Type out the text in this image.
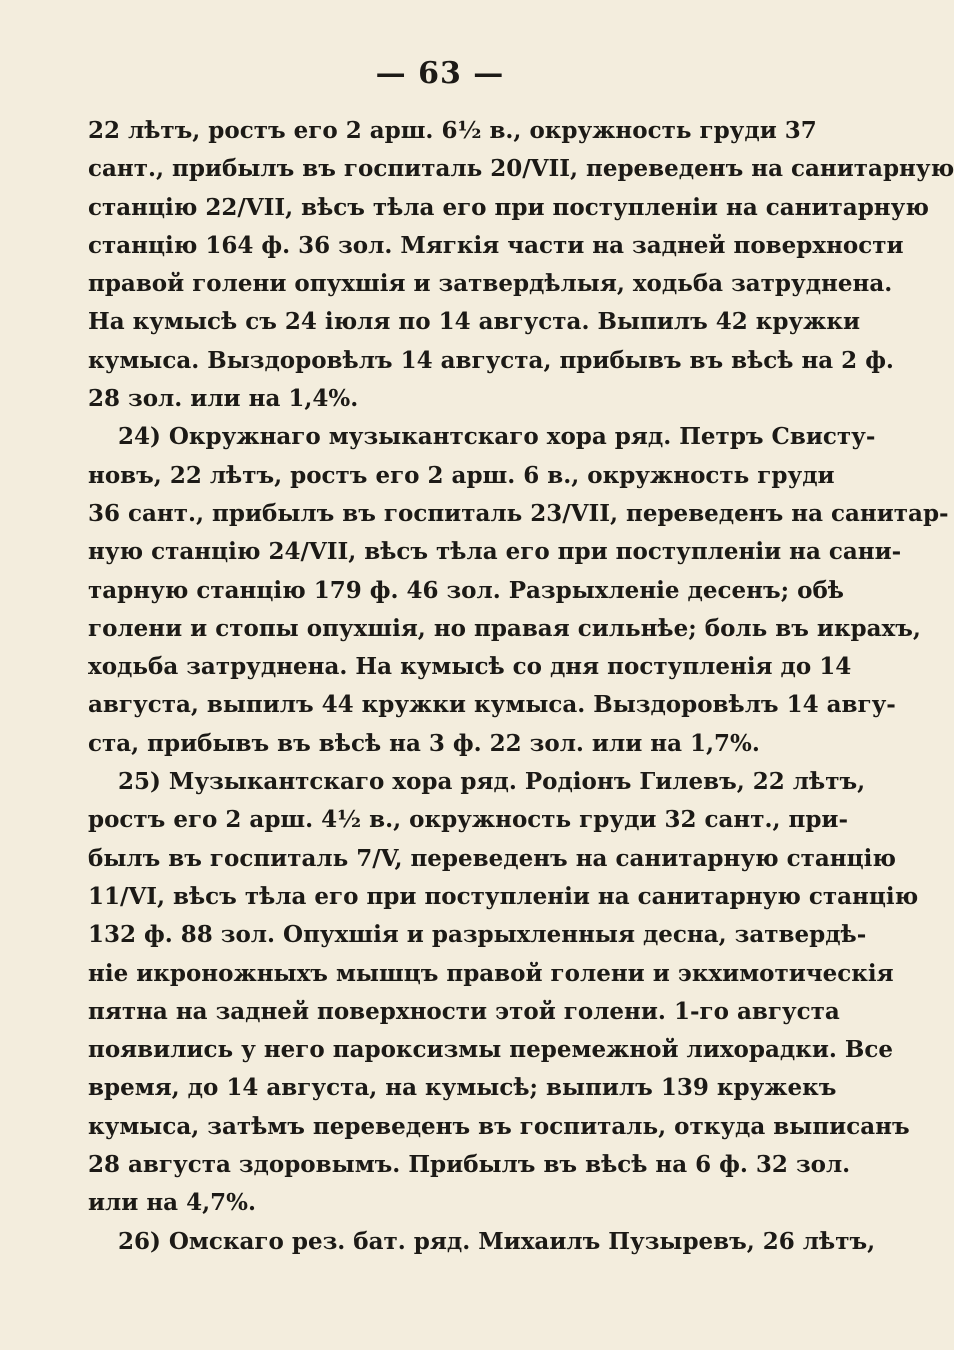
— 63 —
22 лѣтъ, ростъ его 2 арш. 6½ в., окружность груди 37
сант., прибылъ въ госпиталь 20/VII, переведенъ на санитарную
станцію 22/VII, вѣсъ тѣла его при поступленіи на санитарную
станцію 164 ф. 36 зол. Мягкія части на задней поверхности
правой голени опухшія и затвердѣлыя, ходьба затруднена.
На кумысѣ съ 24 іюля по 14 августа. Выпилъ 42 кружки
кумыса. Выздоровѣлъ 14 августа, прибывъ въ вѣсѣ на 2 ф.
28 зол. или на 1,4%.
24) Окружнаго музыкантскаго хора ряд. Петръ Свисту-
новъ, 22 лѣтъ, ростъ его 2 арш. 6 в., окружность груди
36 сант., прибылъ въ госпиталь 23/VII, переведенъ на санитар-
ную станцію 24/VII, вѣсъ тѣла его при поступленіи на сани-
тарную станцію 179 ф. 46 зол. Разрыхленіе десенъ; обѣ
голени и стопы опухшія, но правая сильнѣе; боль въ икрахъ,
ходьба затруднена. На кумысѣ со дня поступленія до 14
августа, выпилъ 44 кружки кумыса. Выздоровѣлъ 14 авгу-
ста, прибывъ въ вѣсѣ на 3 ф. 22 зол. или на 1,7%.
25) Музыкантскаго хора ряд. Родіонъ Гилевъ, 22 лѣтъ,
ростъ его 2 арш. 4½ в., окружность груди 32 сант., при-
былъ въ госпиталь 7/V, переведенъ на санитарную станцію
11/VI, вѣсъ тѣла его при поступленіи на санитарную станцію
132 ф. 88 зол. Опухшія и разрыхленныя десна, затвердѣ-
ніе икроножныхъ мышцъ правой голени и экхимотическія
пятна на задней поверхности этой голени. 1-го августа
появились у него пароксизмы перемежной лихорадки. Все
время, до 14 августа, на кумысѣ; выпилъ 139 кружекъ
кумыса, затѣмъ переведенъ въ госпиталь, откуда выписанъ
28 августа здоровымъ. Прибылъ въ вѣсѣ на 6 ф. 32 зол.
или на 4,7%.
26) Омскаго рез. бат. ряд. Михаилъ Пузыревъ, 26 лѣтъ,
